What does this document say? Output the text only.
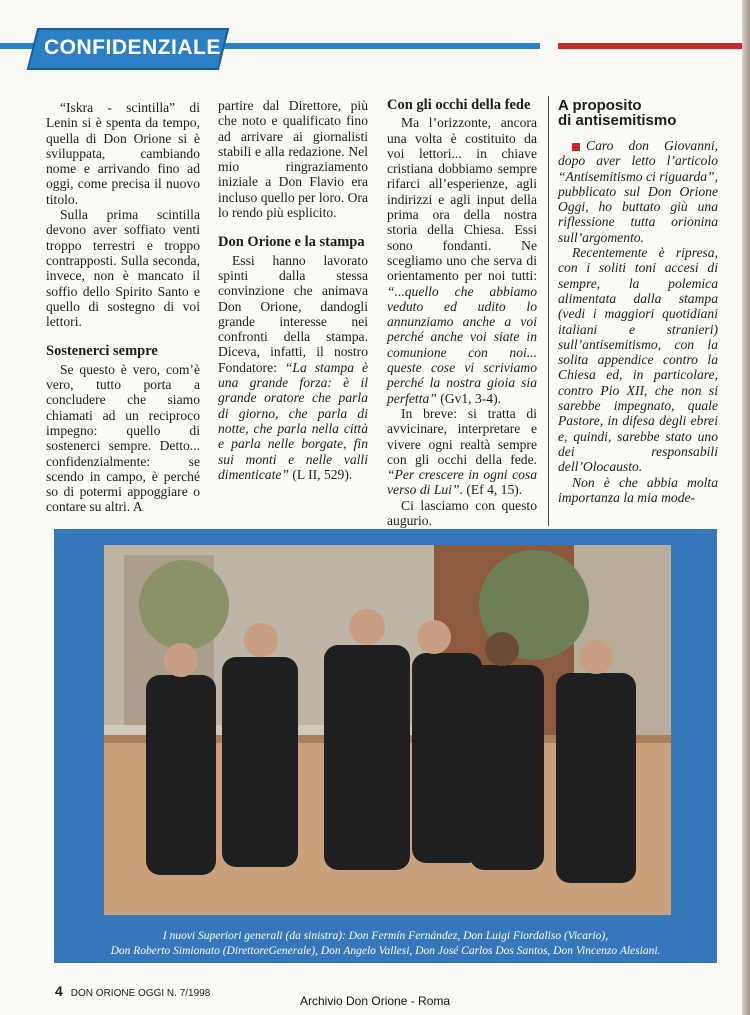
CONFIDENZIALE

“Iskra - scintilla” di Lenin si è spenta da tempo, quella di Don Orione si è sviluppata, cambiando nome e arrivando fino ad oggi, come precisa il nuovo titolo.

Sulla prima scintilla devono aver soffiato venti troppo terrestri e troppo contrapposti. Sulla seconda, invece, non è mancato il soffio dello Spirito Santo e quello di sostegno di voi lettori.

Sostenerci sempre

Se questo è vero, com’è vero, tutto porta a concludere che siamo chiamati ad un reciproco impegno: quello di sostenerci sempre. Detto... confidenzialmente: se scendo in campo, è perché so di potermi appoggiare o contare su altri. A

partire dal Direttore, più che noto e qualificato fino ad arrivare ai giornalisti stabili e alla redazione. Nel mio ringraziamento iniziale a Don Flavio era incluso quello per loro. Ora lo rendo più esplicito.

Don Orione e la stampa

Essi hanno lavorato spinti dalla stessa convinzione che animava Don Orione, dandogli grande interesse nei confronti della stampa. Diceva, infatti, il nostro Fondatore: “La stampa è una grande forza: è il grande oratore che parla di giorno, che parla di notte, che parla nella città e parla nelle borgate, fin sui monti e nelle valli dimenticate” (L II, 529).

Con gli occhi della fede

Ma l’orizzonte, ancora una volta è costituito da voi lettori... in chiave cristiana dobbiamo sempre rifarci all’esperienze, agli indirizzi e agli input della prima ora della nostra storia della Chiesa. Essi sono fondanti. Ne scegliamo uno che serva di orientamento per noi tutti: “...quello che abbiamo veduto ed udito lo annunziamo anche a voi perché anche voi siate in comunione con noi... queste cose vi scriviamo perché la nostra gioia sia perfetta” (Gv1, 3-4).

In breve: si tratta di avvicinare, interpretare e vivere ogni realtà sempre con gli occhi della fede. “Per crescere in ogni cosa verso di Lui”. (Ef 4, 15).

Ci lasciamo con questo augurio.

A proposito
di antisemitismo

Caro don Giovanni, dopo aver letto l’articolo “Antisemitismo ci riguarda”, pubblicato sul Don Orione Oggi, ho buttato giù una riflessione tutta orionina sull’argomento.

Recentemente è ripresa, con i soliti toni accesi di sempre, la polemica alimentata dalla stampa (vedi i maggiori quotidiani italiani e stranieri) sull’antisemitismo, con la solita appendice contro la Chiesa ed, in particolare, contro Pio XII, che non si sarebbe impegnato, quale Pastore, in difesa degli ebrei e, quindi, sarebbe stato uno dei responsabili dell’Olocausto.

Non è che abbia molta importanza la mia mode-

I nuovi Superiori generali (da sinistra): Don Fermín Fernández, Don Luigi Fiordaliso (Vicario),
Don Roberto Simionato (DirettoreGenerale), Don Angelo Vallesi, Don José Carlos Dos Santos, Don Vincenzo Alesiani.
4 DON ORIONE OGGI N. 7/1998
Archivio Don Orione - Roma
